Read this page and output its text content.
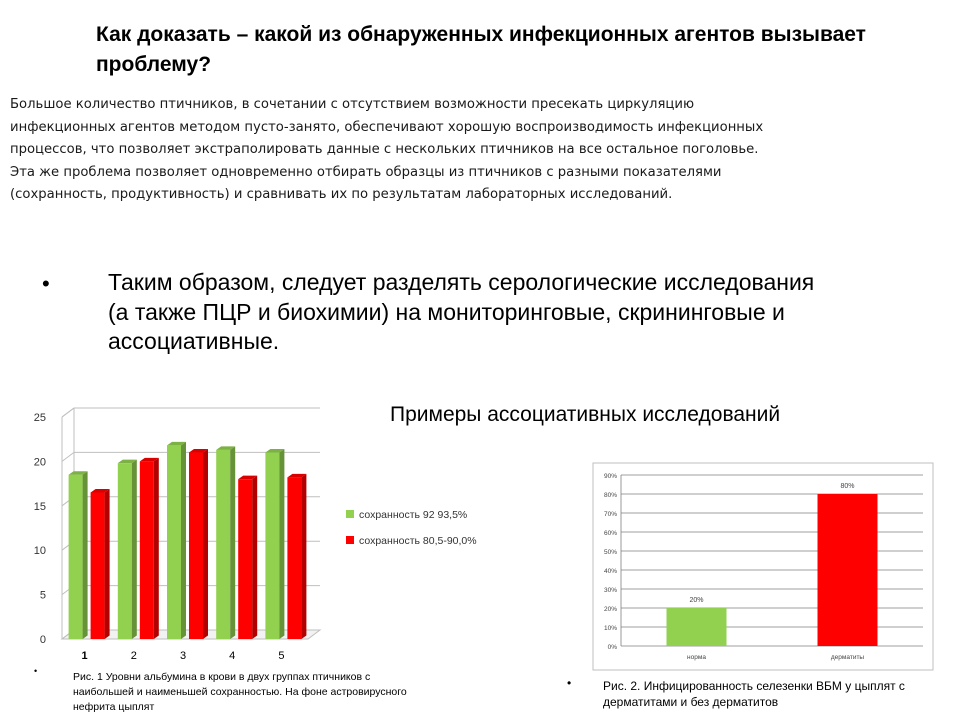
Как доказать – какой из обнаруженных инфекционных агентов вызывает проблему?

Большое количество птичников, в сочетании с отсутствием возможности пресекать циркуляцию инфекционных агентов методом пусто-занято, обеспечивают хорошую воспроизводимость инфекционных процессов, что позволяет экстраполировать данные с нескольких птичников на все остальное поголовье.

Эта же проблема позволяет одновременно отбирать образцы из птичников с разными показателями (сохранность, продуктивность) и сравнивать их по результатам лабораторных исследований.

•	Таким образом, следует разделять серологические исследования (а также ПЦР и биохимии) на мониторинговые, скрининговые и ассоциативные.
Примеры ассоциативных исследований
0
5
10
15
20
25
1	2	3	4	5
сохранность 92 93,5%
сохранность 80,5-90,0%
•	Рис. 1 Уровни альбумина в крови в двух группах птичников с наибольшей и наименьшей сохранностью. На фоне астровирусного нефрита цыплят
0%
10%
20%
30%
40%
50%
60%
70%
80%
90%
20%
80%
норма	дерматиты
•	Рис. 2. Инфицированность селезенки ВБМ у цыплят с дерматитами и без дерматитов
